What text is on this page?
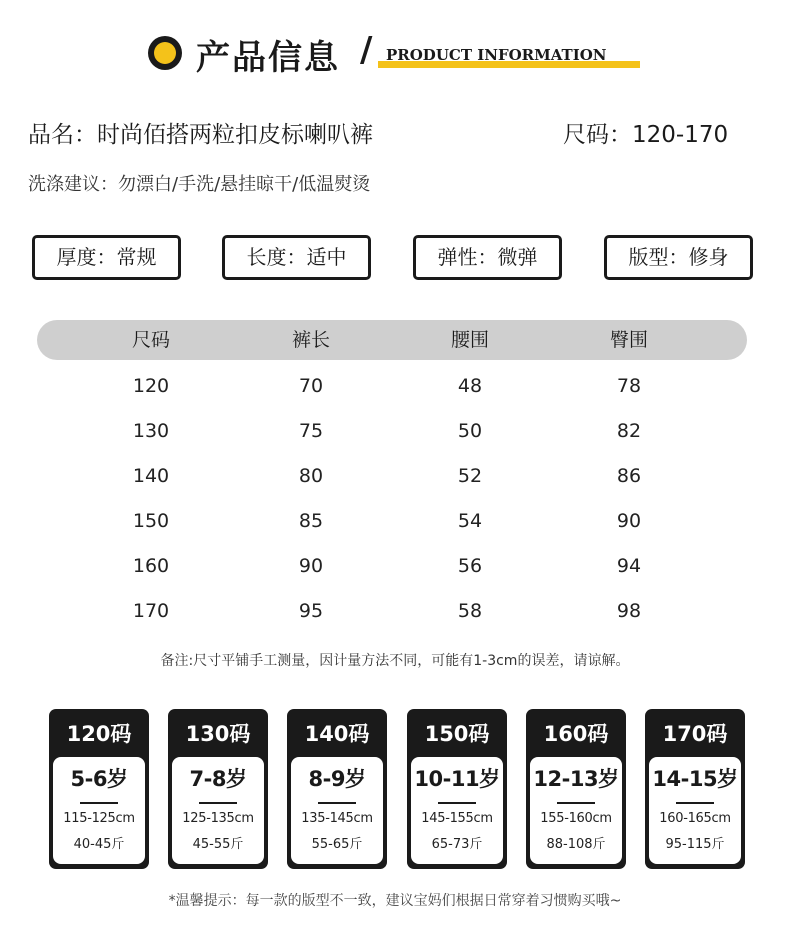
产品信息 / PRODUCT INFORMATION
品名：时尚佰搭两粒扣皮标喇叭裤	尺码：120-170
洗涤建议：勿漂白/手洗/悬挂晾干/低温熨烫
厚度：常规	长度：适中	弹性：微弹	版型：修身
尺码	裤长	腰围	臀围
120	70	48	78
130	75	50	82
140	80	52	86
150	85	54	90
160	90	56	94
170	95	58	98
备注:尺寸平铺手工测量，因计量方法不同，可能有1-3cm的误差，请谅解。
120码
5-6岁
115-125cm
40-45斤
130码
7-8岁
125-135cm
45-55斤
140码
8-9岁
135-145cm
55-65斤
150码
10-11岁
145-155cm
65-73斤
160码
12-13岁
155-160cm
88-108斤
170码
14-15岁
160-165cm
95-115斤
*温馨提示：每一款的版型不一致，建议宝妈们根据日常穿着习惯购买哦~
